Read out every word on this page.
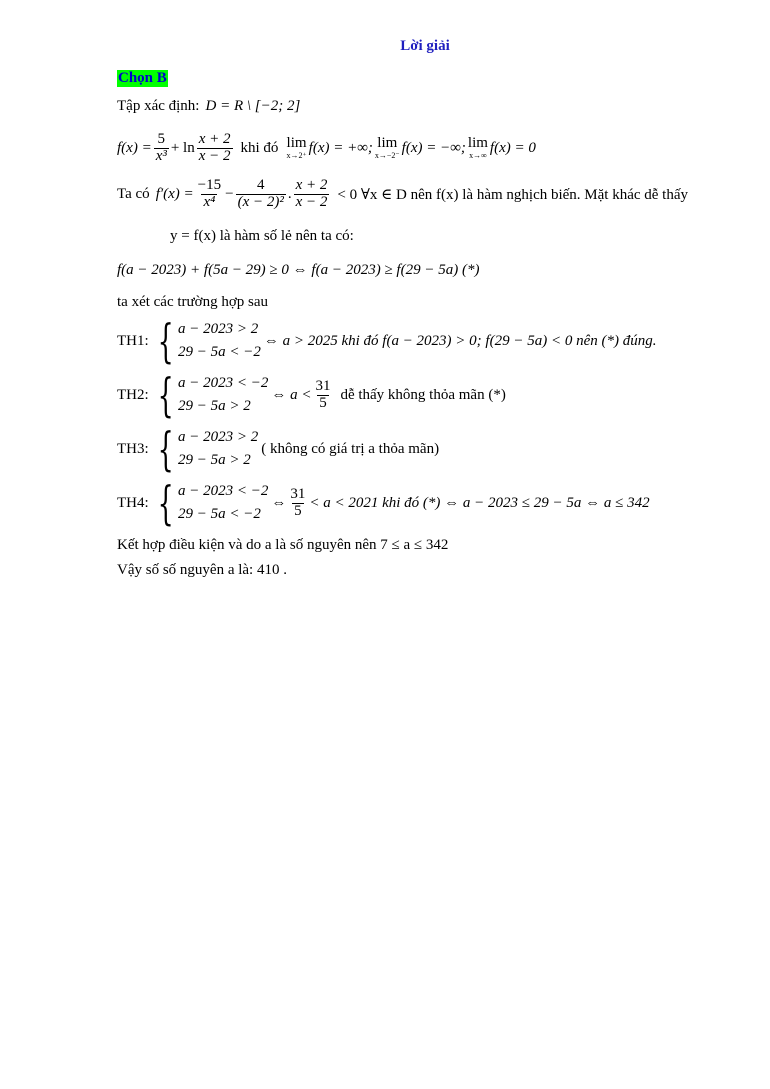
Lời giải
Chọn B
Tập xác định: D = R \ [−2; 2]
$f(x) = \frac{5}{\text{x³}} + \ln \frac{x + 2}{x - 2}$ khi đó lim
x→2⁺ f(x) = +∞; lim
x→−2⁻ f(x) = −∞; lim
x→∞ f(x) = 0
Ta có $f'(x) = \frac{-15}{\text{x⁴}} - \frac{4}{\text{(x − 2)²}}$ . $\frac{x + 2}{x - 2} < 0$ ∀x ∈ D nên f(x) là hàm nghịch biến. Mặt khác dễ thấy
y = f(x) là hàm số lẻ nên ta có:
f(a − 2023) + f(5a − 29) ≥ 0 ⇔ f(a − 2023) ≥ f(29 − 5a) (*)
ta xét các trường hợp sau
TH1: { a − 2023 > 2
29 − 5a < −2
⇔ a > 2025 khi đó f(a − 2023) > 0; f(29 − 5a) < 0 nên (*) đúng.
TH2: { a − 2023 < −2
29 − 5a > 2
⇔ $a < \frac{31}{5}$ dễ thấy không thỏa mãn (*)
TH3: { a − 2023 > 2
29 − 5a > 2
( không có giá trị a thỏa mãn)
TH4: { a − 2023 < −2
29 − 5a < −2
⇔ $\frac{31}{5} < a < 2021$ khi đó (*) ⇔ a − 2023 ≤ 29 − 5a ⇔ a ≤ 342
Kết hợp điều kiện và do a là số nguyên nên 7 ≤ a ≤ 342
Vậy số số nguyên a là: 410 .
